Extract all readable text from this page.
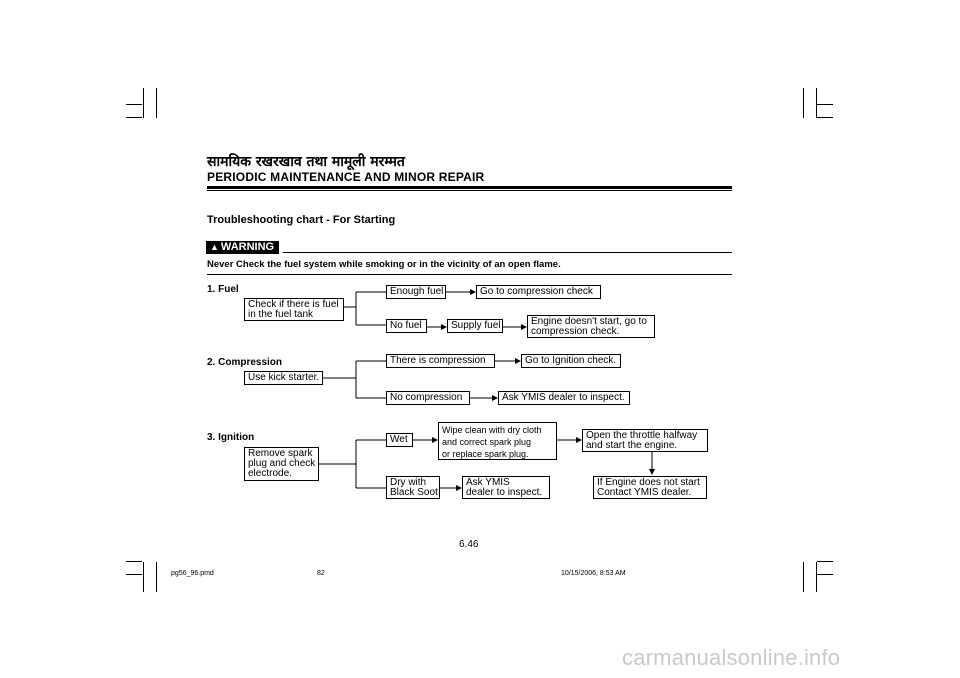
सामयिक रखरखाव तथा मामूली मरम्मत
PERIODIC MAINTENANCE AND MINOR REPAIR
Troubleshooting chart - For Starting
▲ WARNING
Never Check the fuel system while smoking or in the vicinity of an open flame.
1. Fuel
Check if there is fuel
in the fuel tank
Enough fuel	Go to compression check
No fuel	Supply fuel	Engine doesn't start, go to
compression check.
2. Compression
Use kick starter.
There is compression	Go to Ignition check.
No compression	Ask YMIS dealer to inspect.
3. Ignition
Remove spark
plug and check
electrode.
Wet
Wipe clean with dry cloth
and correct spark plug
or replace spark plug.
Open the throttle halfway
and start the engine.
If Engine does not start
Contact YMIS dealer.
Dry with
Black Soot
Ask YMIS
dealer to inspect.
6.46
pg56_96.pmd	82	10/15/2006, 8:53 AM
carmanualsonline.info
